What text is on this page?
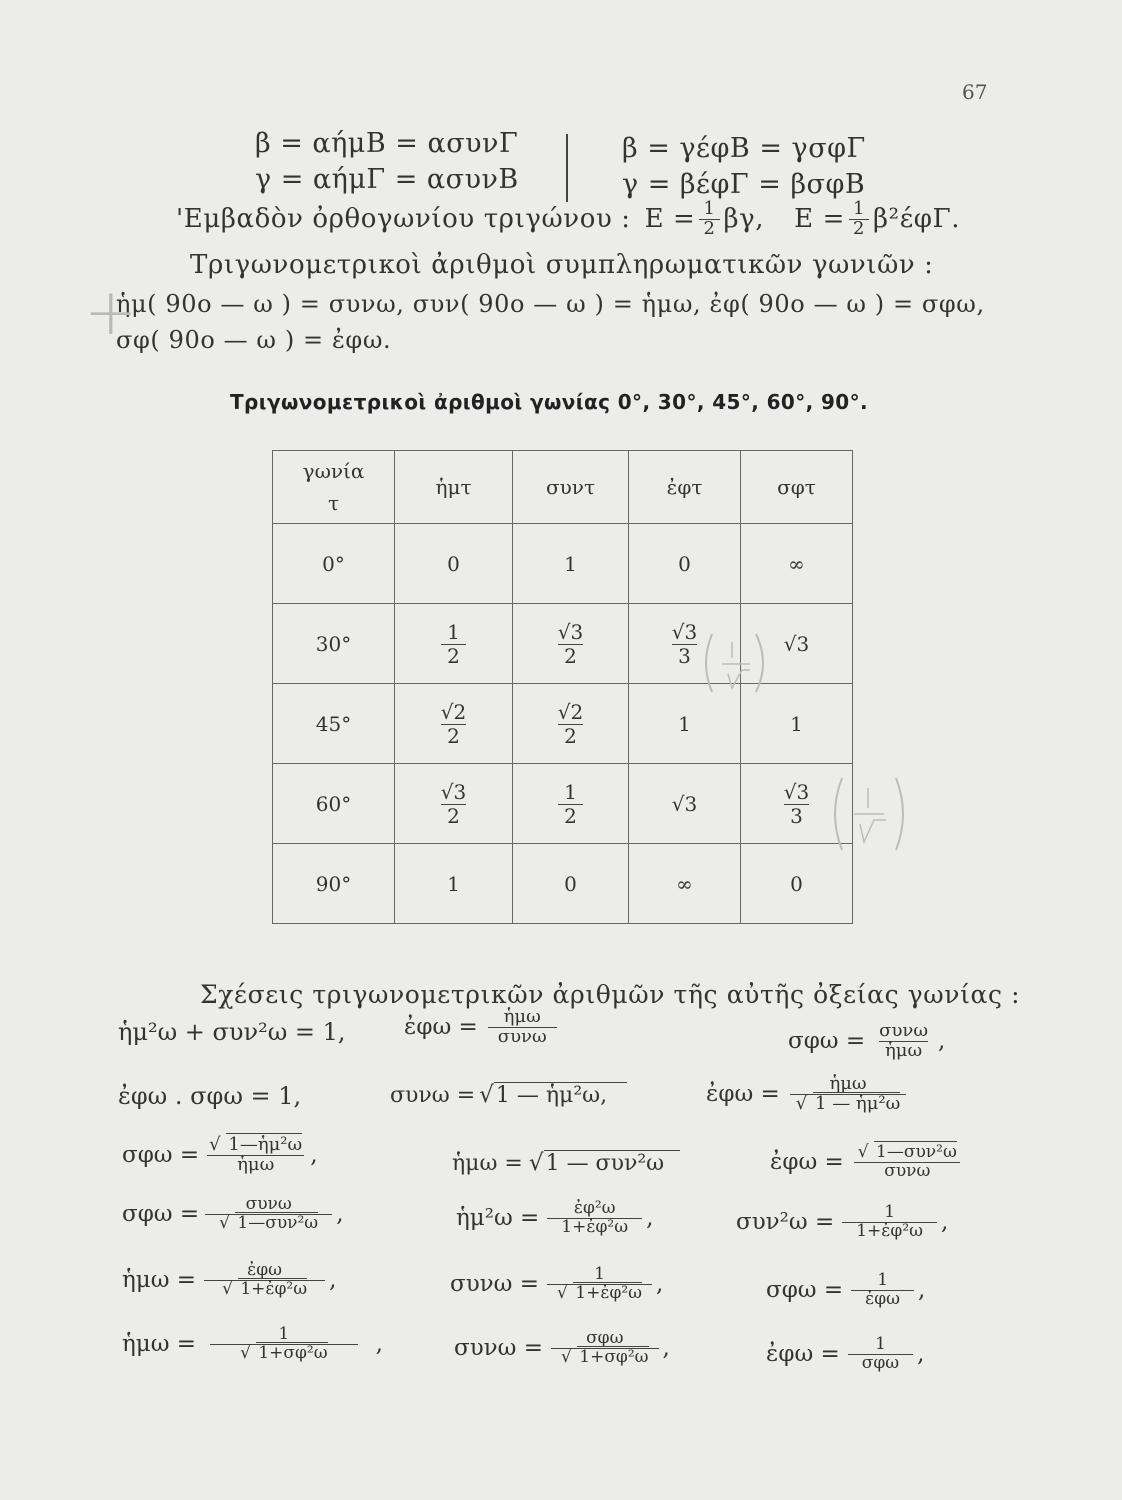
67
β = αήμΒ = ασυνΓ
γ = αήμΓ = ασυνΒ
β = γέφΒ = γσφΓ
γ = βέφΓ = βσφΒ
'Εμβαδὸν ὀρθογωνίου τριγώνου : $E = \frac{1}{2} \beta\gamma$, $E = \frac{1}{2} \beta^2έ\varphi\Gamma$.
Τριγωνομετρικοὶ ἀριθμοὶ συμπληρωματικῶν γωνιῶν :
ἡμ( 90ο — ω ) = συνω, συν( 90ο — ω ) = ἡμω, ἐφ( 90ο — ω ) = σφω,
σφ( 90ο — ω ) = ἐφω.
+
Τριγωνομετρικοὶ ἀριθμοὶ γωνίας 0°, 30°, 45°, 60°, 90°.
γωνία
τ	ἡμτ	συντ	ἐφτ	σφτ
0°	0	1	0	∞
30°	$\frac{1}{2}$	$\frac{√3}{2}$	$\frac{√3}{3}$	√3
45°	$\frac{√2}{2}$	$\frac{√2}{2}$	1	1
60°	$\frac{√3}{2}$	$\frac{1}{2}$	√3	$\frac{√3}{3}$

90°	1	0	∞	0
Σχέσεις τριγωνομετρικῶν ἀριθμῶν τῆς αὐτῆς ὀξείας γωνίας :
ἡμ²ω + συν²ω = 1,	ἐφω = $\frac{\text{ἡμω}}{\text{συνω}}$	$\sigma\varphi\omega = \frac{\text{συνω}}{\text{ἡμω}}$ ,
ἐφω . σφω = 1,	συνω = √ 1 — ἡμ²ω,	ἐφω = $\frac{\text{ἡμω}}{\text{√ 1 — ἡμ²ω}}$
$\sigma\varphi\omega = \frac{\text{√ 1—ἡμ²ω}}{\text{ἡμω}}$ ,	ἡμω = √ 1 — συν²ω	ἐφω = $\frac{\text{√ 1—συν²ω}}{\text{συνω}}$
$\sigma\varphi\omega = \frac{\text{συνω}}{\text{√ 1—συν²ω}}$ ,	ἡμ²ω = $\frac{\text{ἐφ²ω}}{\text{1+ἐφ²ω}}$ ,	$\sigma\upsilon\nu^2\omega = \frac{1}{\text{1+ἐφ²ω}}$ ,
ἡμω = $\frac{\text{ἐφω}}{\text{√ 1+ἐφ²ω}}$ ,	$\sigma\upsilon\nu\omega = \frac{1}{\text{√ 1+ἐφ²ω}}$ ,	$\sigma\varphi\omega = \frac{1}{\text{ἐφω}}$ ,
ἡμω = $\frac{1}{\text{√ 1+σφ²ω}}$ ,	$\sigma\upsilon\nu\omega = \frac{\text{σφω}}{\text{√ 1+σφ²ω}}$ ,	ἐφω = $\frac{1}{\text{σφω}}$ ,
